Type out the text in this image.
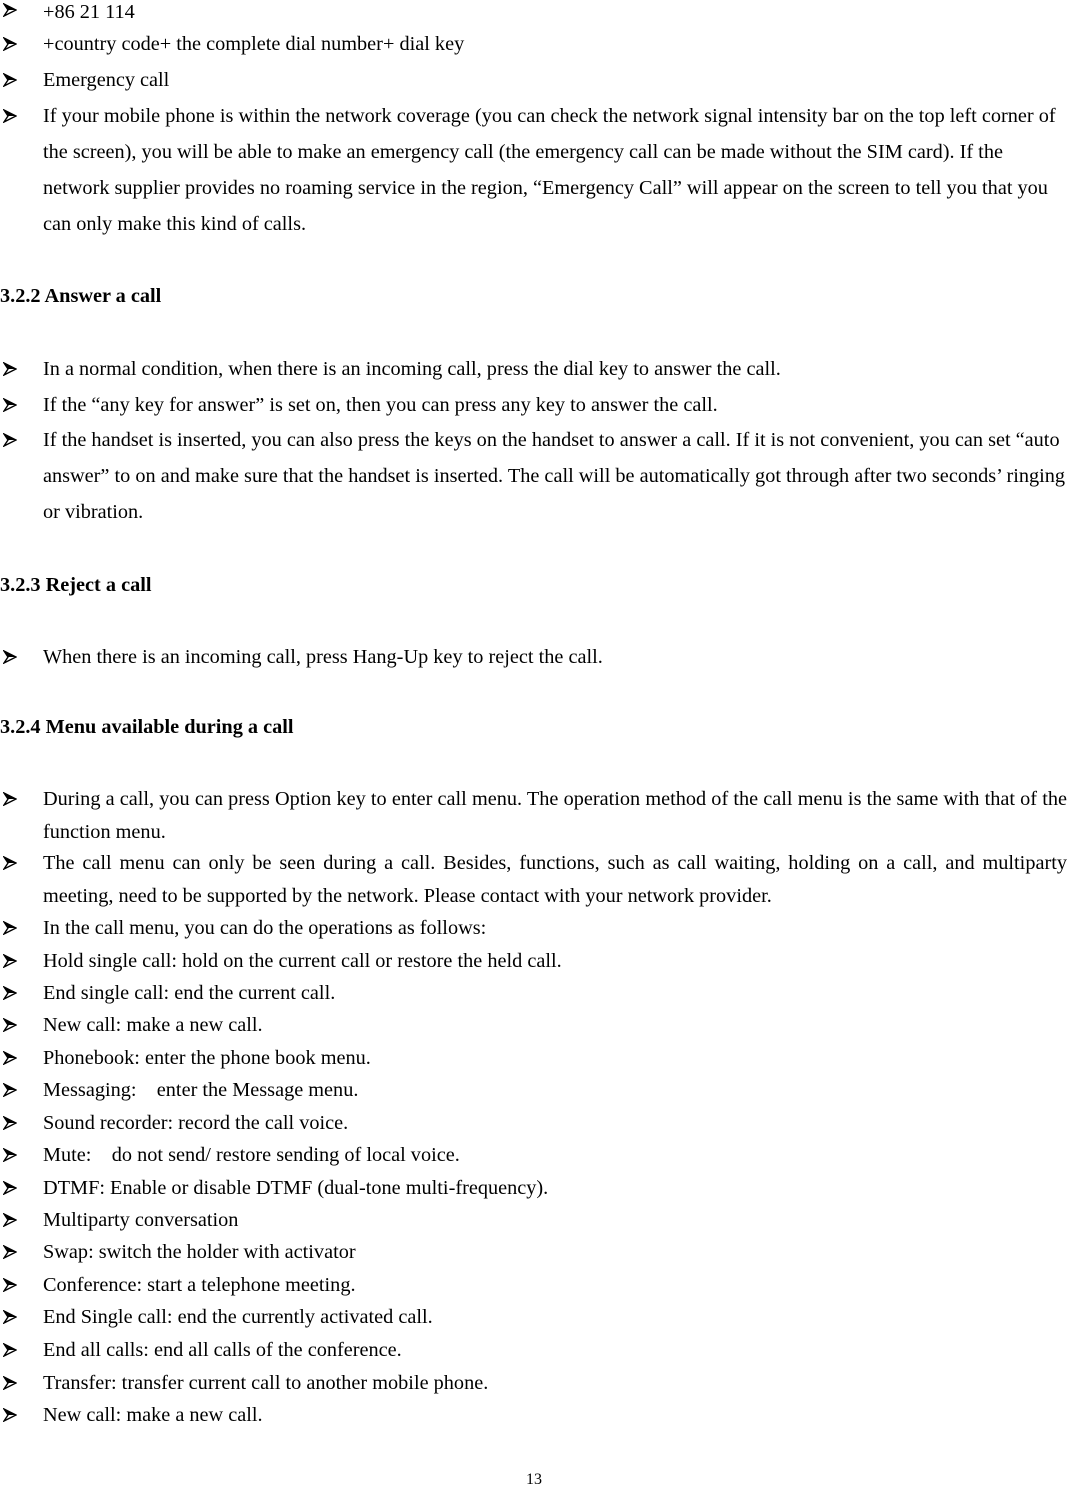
+86 21 114
+country code+ the complete dial number+ dial key
Emergency call
If your mobile phone is within the network coverage (you can check the network signal intensity bar on the top left corner of the screen), you will be able to make an emergency call (the emergency call can be made without the SIM card). If the network supplier provides no roaming service in the region, “Emergency Call” will appear on the screen to tell you that you can only make this kind of calls.
3.2.2 Answer a call
In a normal condition, when there is an incoming call, press the dial key to answer the call.
If the “any key for answer” is set on, then you can press any key to answer the call.
If the handset is inserted, you can also press the keys on the handset to answer a call. If it is not convenient, you can set “auto answer” to on and make sure that the handset is inserted. The call will be automatically got through after two seconds’ ringing or vibration.
3.2.3 Reject a call
When there is an incoming call, press Hang-Up key to reject the call.
3.2.4 Menu available during a call
During a call, you can press Option key to enter call menu. The operation method of the call menu is the same with that of the function menu.
The call menu can only be seen during a call. Besides, functions, such as call waiting, holding on a call, and multiparty meeting, need to be supported by the network. Please contact with your network provider.
In the call menu, you can do the operations as follows:
Hold single call: hold on the current call or restore the held call.
End single call: end the current call.
New call: make a new call.
Phonebook: enter the phone book menu.
Messaging:    enter the Message menu.
Sound recorder: record the call voice.
Mute:    do not send/ restore sending of local voice.
DTMF: Enable or disable DTMF (dual-tone multi-frequency).
Multiparty conversation
Swap: switch the holder with activator
Conference: start a telephone meeting.
End Single call: end the currently activated call.
End all calls: end all calls of the conference.
Transfer: transfer current call to another mobile phone.
New call: make a new call.
13
